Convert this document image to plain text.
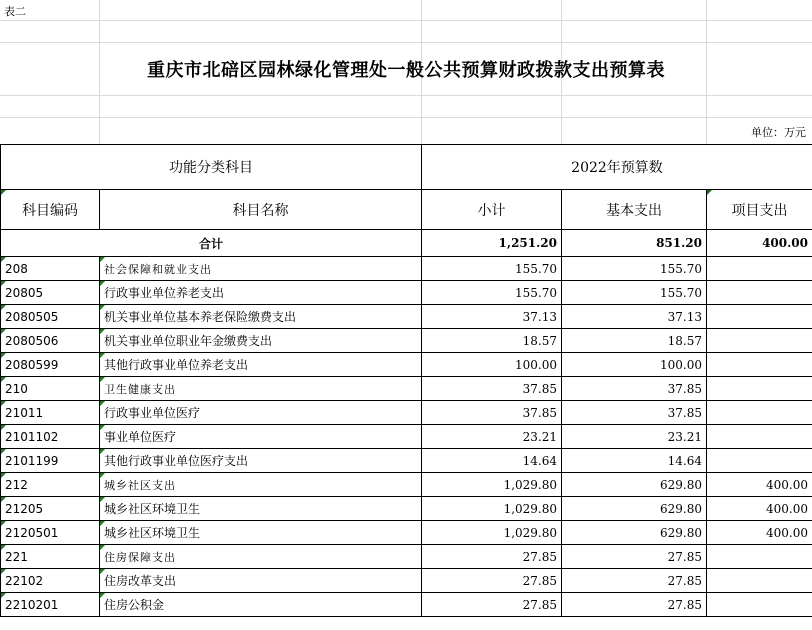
表二
重庆市北碚区园林绿化管理处一般公共预算财政拨款支出预算表
单位：万元
功能分类科目		2022年预算数		

科目编码	科目名称	小计	基本支出	项目支出
合计		1,251.20	851.20	400.00

208	社会保障和就业支出	155.70	155.70	

20805	行政事业单位养老支出	155.70	155.70	

2080505	机关事业单位基本养老保险缴费支出	37.13	37.13	

2080506	机关事业单位职业年金缴费支出	18.57	18.57	

2080599	其他行政事业单位养老支出	100.00	100.00	

210	卫生健康支出	37.85	37.85	

21011	行政事业单位医疗	37.85	37.85	

2101102	事业单位医疗	23.21	23.21	

2101199	其他行政事业单位医疗支出	14.64	14.64	

212	城乡社区支出	1,029.80	629.80	400.00

21205	城乡社区环境卫生	1,029.80	629.80	400.00

2120501	城乡社区环境卫生	1,029.80	629.80	400.00

221	住房保障支出	27.85	27.85	

22102	住房改革支出	27.85	27.85	

2210201	住房公积金	27.85	27.85	
